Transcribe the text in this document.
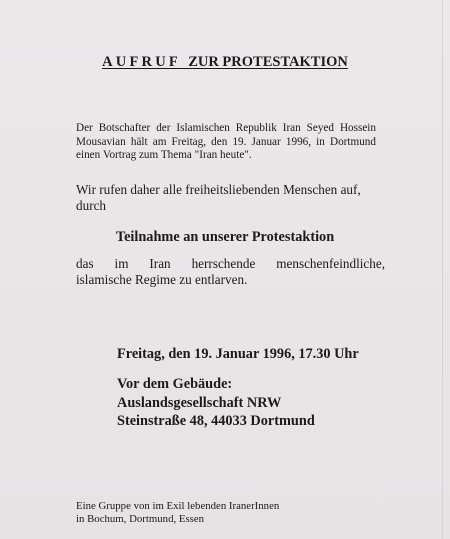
AUFRUF ZUR PROTESTAKTION
Der Botschafter der Islamischen Republik Iran Seyed Hossein Mousavian hält am Freitag, den 19. Januar 1996, in Dortmund einen Vortrag zum Thema "Iran heute".
Wir rufen daher alle freiheitsliebenden Menschen auf, durch
Teilnahme an unserer Protestaktion
das im Iran herrschende menschenfeindliche,
islamische Regime zu entlarven.
Freitag, den 19. Januar 1996, 17.30 Uhr
Vor dem Gebäude:
Auslandsgesellschaft NRW
Steinstraße 48, 44033 Dortmund
Eine Gruppe von im Exil lebenden IranerInnen
in Bochum, Dortmund, Essen
